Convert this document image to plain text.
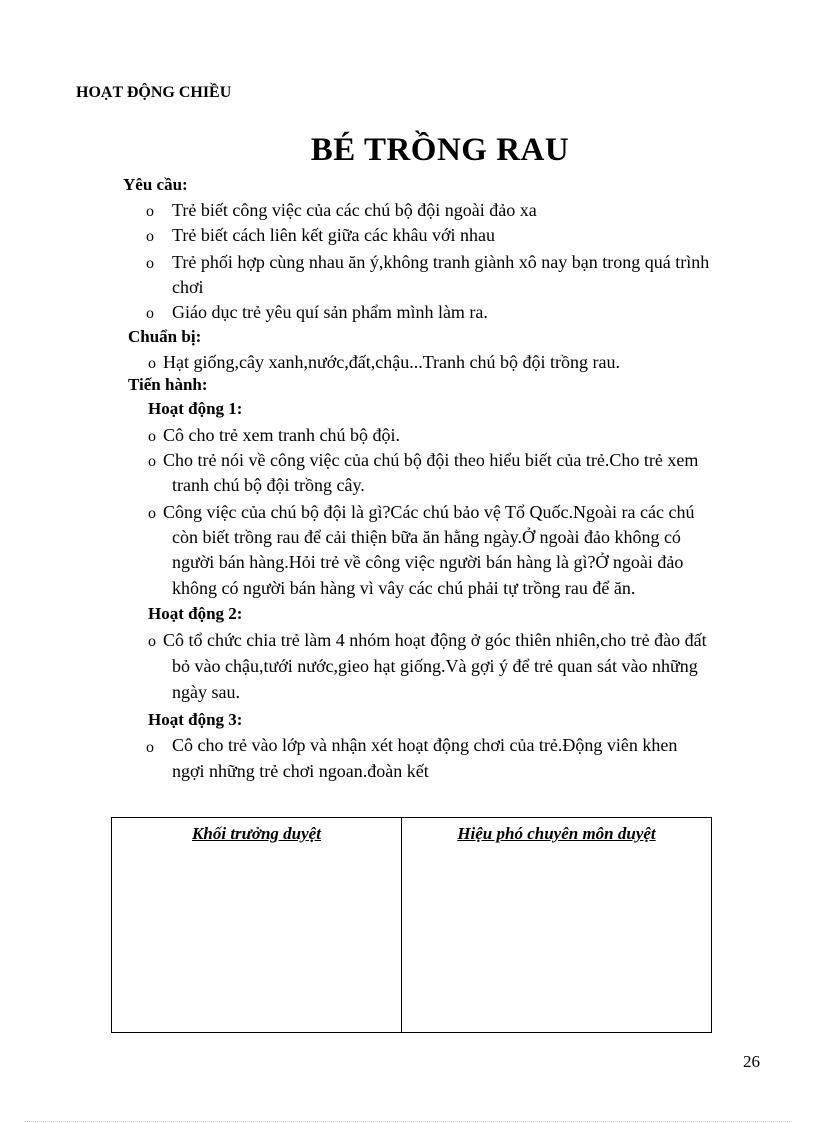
HOẠT ĐỘNG CHIỀU
BÉ TRỒNG RAU
Yêu cầu:
o Trẻ biết công việc của các chú bộ đội ngoài đảo xa
o Trẻ biết cách liên kết giữa các khâu với nhau
o Trẻ phối hợp cùng nhau ăn ý,không tranh giành xô nay bạn trong quá trình
chơi
o Giáo dục trẻ yêu quí sản phẩm mình làm ra.
Chuẩn bị:
o Hạt giống,cây xanh,nước,đất,chậu...Tranh chú bộ đội trồng rau.
Tiến hành:
Hoạt động 1:
o Cô cho trẻ xem tranh chú bộ đội.
o Cho trẻ nói về công việc của chú bộ đội theo hiểu biết của trẻ.Cho trẻ xem
tranh chú bộ đội trồng cây.
o Công việc của chú bộ đội là gì?Các chú bảo vệ Tổ Quốc.Ngoài ra các chú
còn biết trồng rau để cải thiện bữa ăn hằng ngày.Ở ngoài đảo không có
người bán hàng.Hỏi trẻ về công việc người bán hàng là gì?Ở ngoài đảo
không có người bán hàng vì vây các chú phải tự trồng rau để ăn.
Hoạt động 2:
o Cô tổ chức chia trẻ làm 4 nhóm hoạt động ở góc thiên nhiên,cho trẻ đào đất
bỏ vào chậu,tưới nước,gieo hạt giống.Và gợi ý để trẻ quan sát vào những
ngày sau.
Hoạt động 3:
o Cô cho trẻ vào lớp và nhận xét hoạt động chơi của trẻ.Động viên khen
ngợi những trẻ chơi ngoan.đoàn kết
Khối trưởng duyệt	Hiệu phó chuyên môn duyệt
26
